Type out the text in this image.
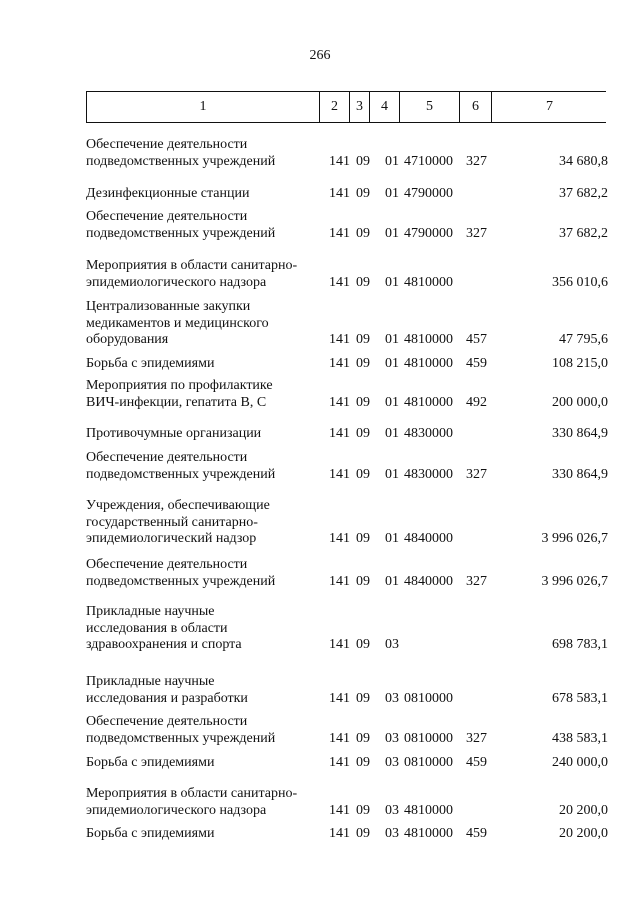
266
1	2	3	4	5	6	7
Обеспечение деятельности
подведомственных учреждений	141 09 01 4710000 327	34 680,8
Дезинфекционные станции	141 09 01 4790000	37 682,2
Обеспечение деятельности
подведомственных учреждений	141 09 01 4790000 327	37 682,2
Мероприятия в области санитарно-
эпидемиологического надзора	141 09 01 4810000	356 010,6
Централизованные закупки
медикаментов и медицинского
оборудования	141 09 01 4810000 457	47 795,6
Борьба с эпидемиями	141 09 01 4810000 459	108 215,0
Мероприятия по профилактике
ВИЧ-инфекции, гепатита В, С	141 09 01 4810000 492	200 000,0
Противочумные организации	141 09 01 4830000	330 864,9
Обеспечение деятельности
подведомственных учреждений	141 09 01 4830000 327	330 864,9
Учреждения, обеспечивающие
государственный санитарно-
эпидемиологический надзор	141 09 01 4840000	3 996 026,7
Обеспечение деятельности
подведомственных учреждений	141 09 01 4840000 327	3 996 026,7
Прикладные научные
исследования в области
здравоохранения и спорта	141 09 03	698 783,1
Прикладные научные
исследования и разработки	141 09 03 0810000	678 583,1
Обеспечение деятельности
подведомственных учреждений	141 09 03 0810000 327	438 583,1
Борьба с эпидемиями	141 09 03 0810000 459	240 000,0
Мероприятия в области санитарно-
эпидемиологического надзора	141 09 03 4810000	20 200,0
Борьба с эпидемиями	141 09 03 4810000 459	20 200,0
